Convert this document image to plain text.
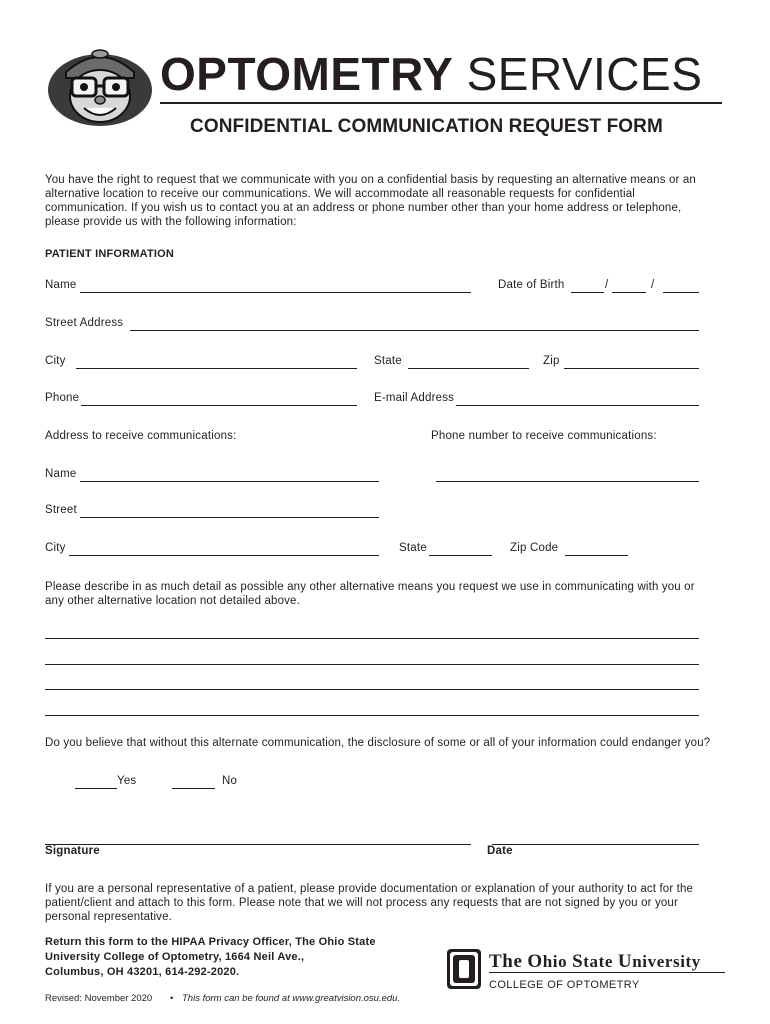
OPTOMETRY SERVICES
CONFIDENTIAL COMMUNICATION REQUEST FORM
You have the right to request that we communicate with you on a confidential basis by requesting an alternative means or an alternative location to receive our communications. We will accommodate all reasonable requests for confidential communication. If you wish us to contact you at an address or phone number other than your home address or telephone, please provide us with the following information:
PATIENT INFORMATION
Name	Date of Birth	/	/
Street Address
City	State	Zip
Phone	E-mail Address
Address to receive communications:	Phone number to receive communications:
Name
Street
City	State	Zip Code
Please describe in as much detail as possible any other alternative means you request we use in communicating with you or any other alternative location not detailed above.
Do you believe that without this alternate communication, the disclosure of some or all of your information could endanger you?
Yes	No
Signature	Date
If you are a personal representative of a patient, please provide documentation or explanation of your authority to act for the patient/client and attach to this form. Please note that we will not process any requests that are not signed by you or your personal representative.
Return this form to the HIPAA Privacy Officer, The Ohio State
University College of Optometry, 1664 Neil Ave.,
Columbus, OH 43201, 614-292-2020.
Revised: November 2020 • This form can be found at www.greatvision.osu.edu.
The Ohio State University
COLLEGE OF OPTOMETRY
